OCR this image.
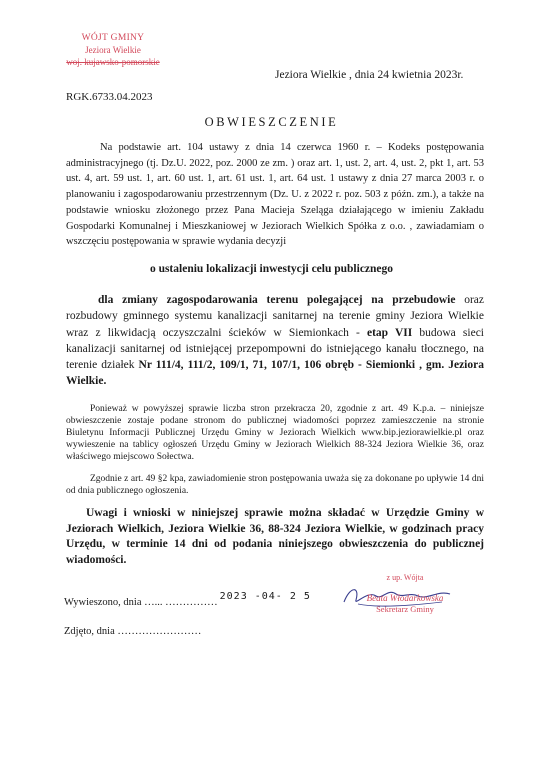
WÓJT GMINY
Jeziora Wielkie
woj. kujawsko-pomorskie
Jeziora Wielkie , dnia 24 kwietnia 2023r.
RGK.6733.04.2023
OBWIESZCZENIE
Na podstawie art. 104 ustawy z dnia 14 czerwca 1960 r. – Kodeks postępowania administracyjnego (tj. Dz.U. 2022, poz. 2000 ze zm. ) oraz art. 1, ust. 2, art. 4, ust. 2, pkt 1, art. 53 ust. 4, art. 59 ust. 1, art. 60 ust. 1, art. 61 ust. 1, art. 64 ust. 1 ustawy z dnia 27 marca 2003 r. o planowaniu i zagospodarowaniu przestrzennym (Dz. U. z 2022 r. poz. 503 z późn. zm.), a także na podstawie wniosku złożonego przez Pana Macieja Szeląga działającego w imieniu Zakładu Gospodarki Komunalnej i Mieszkaniowej w Jeziorach Wielkich Spółka z o.o. , zawiadamiam o wszczęciu postępowania w sprawie wydania decyzji
o ustaleniu lokalizacji inwestycji celu publicznego
dla zmiany zagospodarowania terenu polegającej na przebudowie oraz rozbudowy gminnego systemu kanalizacji sanitarnej na terenie gminy Jeziora Wielkie wraz z likwidacją oczyszczalni ścieków w Siemionkach - etap VII budowa sieci kanalizacji sanitarnej od istniejącej przepompowni do istniejącego kanału tłocznego, na terenie działek Nr 111/4, 111/2, 109/1, 71, 107/1, 106 obręb - Siemionki , gm. Jeziora Wielkie.
Ponieważ w powyższej sprawie liczba stron przekracza 20, zgodnie z art. 49 K.p.a. – niniejsze obwieszczenie zostaje podane stronom do publicznej wiadomości poprzez zamieszczenie na stronie Biuletynu Informacji Publicznej Urzędu Gminy w Jeziorach Wielkich www.bip.jeziorawielkie.pl oraz wywieszenie na tablicy ogłoszeń Urzędu Gminy w Jeziorach Wielkich 88-324 Jeziora Wielkie 36, oraz właściwego miejscowo Sołectwa.
Zgodnie z art. 49 §2 kpa, zawiadomienie stron postępowania uważa się za dokonane po upływie 14 dni od dnia publicznego ogłoszenia.
Uwagi i wnioski w niniejszej sprawie można składać w Urzędzie Gminy w Jeziorach Wielkich, Jeziora Wielkie 36, 88-324 Jeziora Wielkie, w godzinach pracy Urzędu, w terminie 14 dni od podania niniejszego obwieszczenia do publicznej wiadomości.
z up. Wójta
Beata Włodarkowska
Sekretarz Gminy
Wywieszono, dnia …... ……………2023 -04- 2 5
Zdjęto, dnia ……………………
